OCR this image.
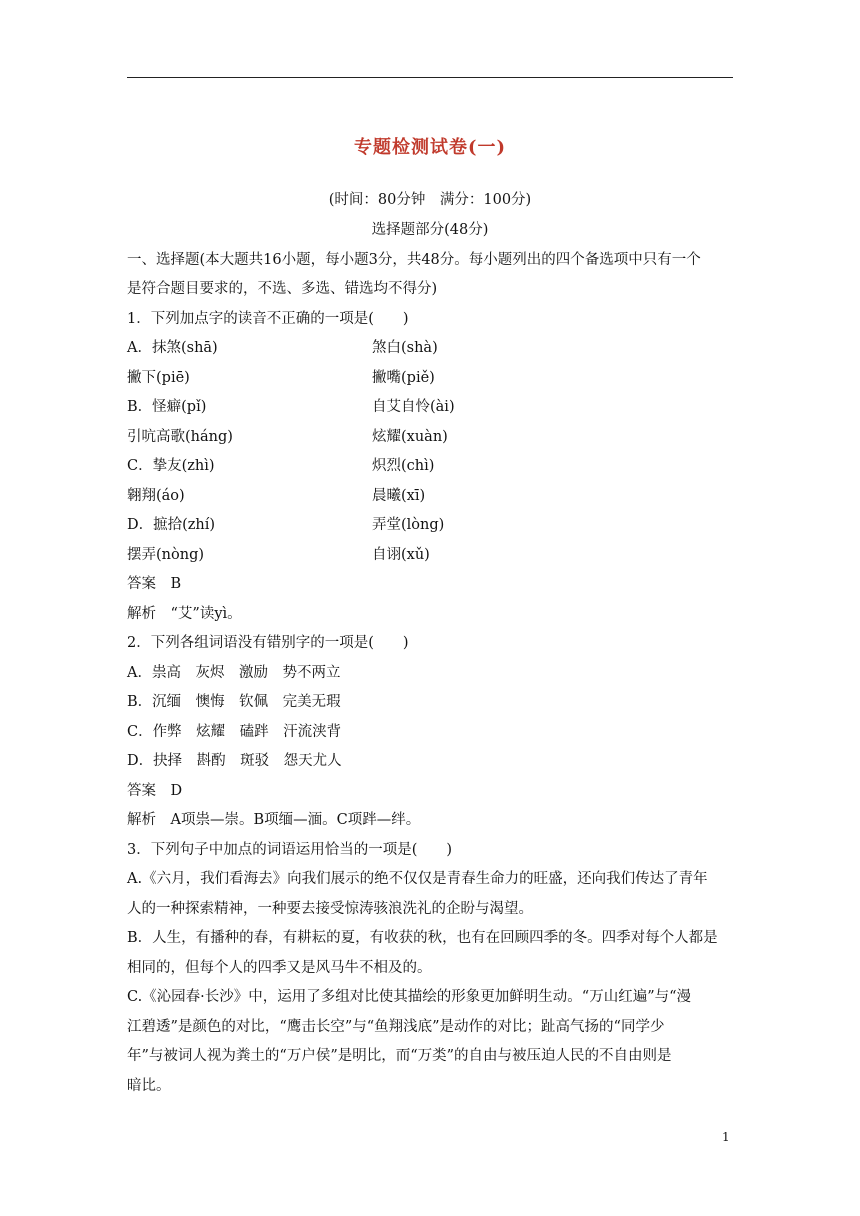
专题检测试卷(一)
(时间：80分钟　满分：100分)
选择题部分(48分)
一、选择题(本大题共16小题，每小题3分，共48分。每小题列出的四个备选项中只有一个
是符合题目要求的，不选、多选、错选均不得分)
1．下列加点字的读音不正确的一项是(　　)
A．抹煞(shā)	煞白(shà)
撇下(piē)	撇嘴(piě)
B．怪癖(pǐ)	自艾自怜(ài)
引吭高歌(háng)	炫耀(xuàn)
C．挚友(zhì)	炽烈(chì)
翱翔(áo)	晨曦(xī)
D．摭拾(zhí)	弄堂(lòng)
摆弄(nòng)	自诩(xǔ)
答案　B
解析　“艾”读yì。
2．下列各组词语没有错别字的一项是(　　)
A．祟高　灰烬　激励　势不两立
B．沉缅　懊悔　钦佩　完美无瑕
C．作弊　炫耀　磕跘　汗流浃背
D．抉择　斟酌　斑驳　怨天尤人
答案　D
解析　A项祟—崇。B项缅—湎。C项跘—绊。
3．下列句子中加点的词语运用恰当的一项是(　　)
A.《六月，我们看海去》向我们展示的绝不仅仅是青春生命力的旺盛，还向我们传达了青年
人的一种探索精神，一种要去接受惊涛骇浪洗礼的企盼与渴望。
B．人生，有播种的春，有耕耘的夏，有收获的秋，也有在回顾四季的冬。四季对每个人都是
相同的，但每个人的四季又是风马牛不相及的。
C.《沁园春·长沙》中，运用了多组对比使其描绘的形象更加鲜明生动。“万山红遍”与“漫
江碧透”是颜色的对比，“鹰击长空”与“鱼翔浅底”是动作的对比；趾高气扬的“同学少
年”与被词人视为粪土的“万户侯”是明比，而“万类”的自由与被压迫人民的不自由则是
暗比。
1
